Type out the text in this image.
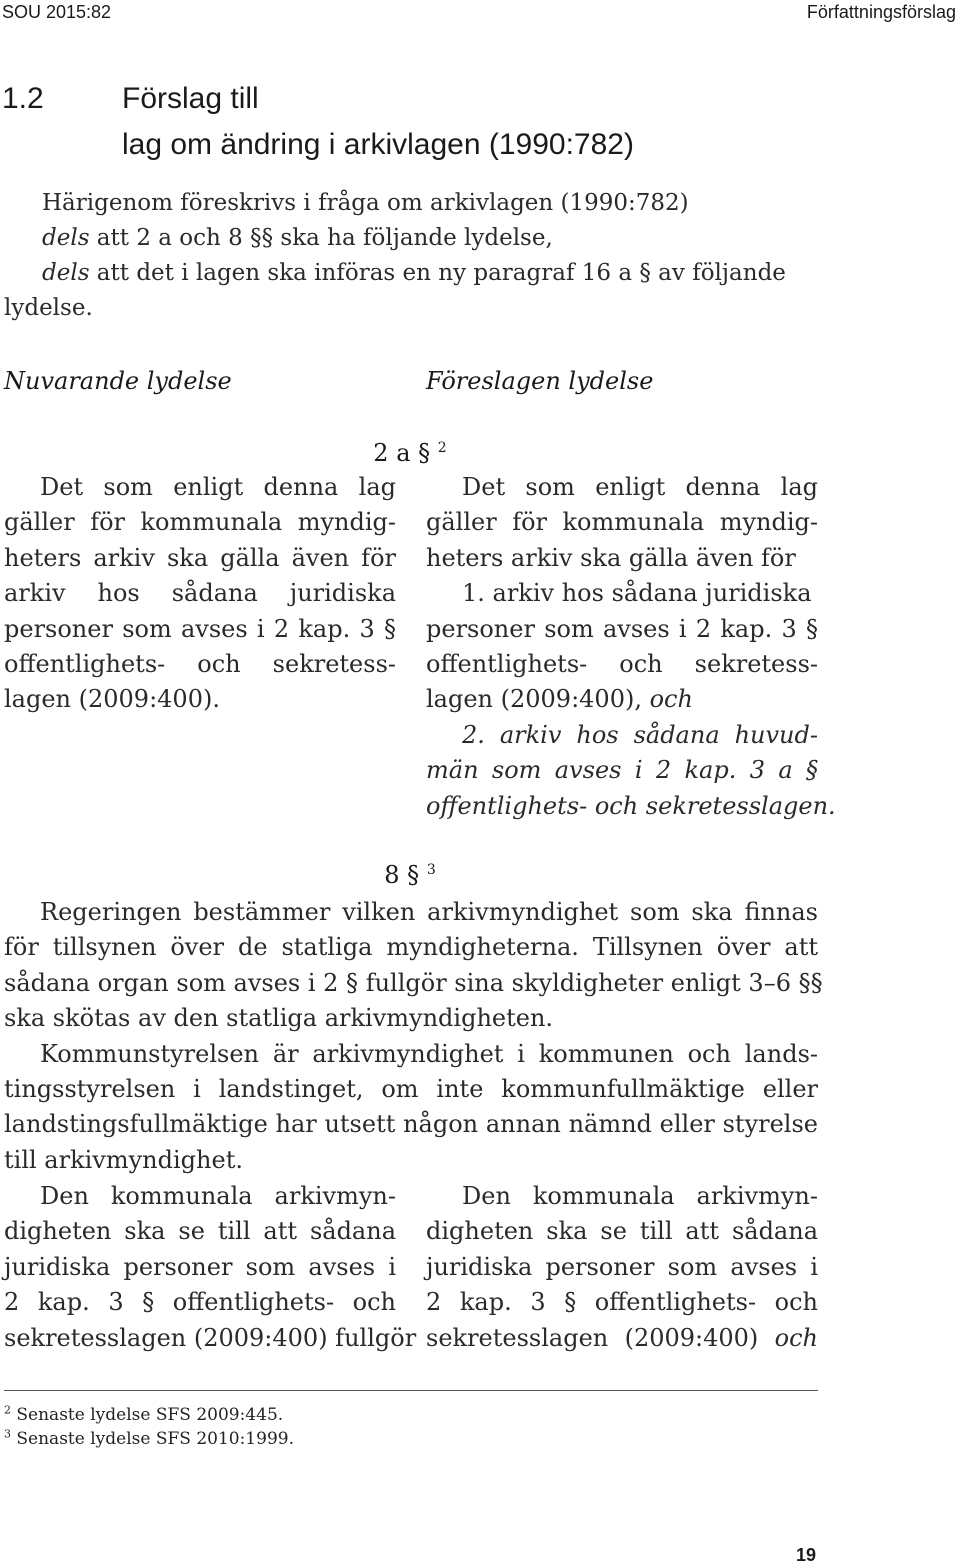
SOU 2015:82	Författningsförslag
1.2	Förslag till
lag om ändring i arkivlagen (1990:782)
Härigenom föreskrivs i fråga om arkivlagen (1990:782)
dels att 2 a och 8 §§ ska ha följande lydelse,
dels att det i lagen ska införas en ny paragraf 16 a § av följande
lydelse.
Nuvarande lydelse	Föreslagen lydelse
2 a § $^2$
Det som enligt denna lag
gäller för kommunala myndig-
heters arkiv ska gälla även för
arkiv hos sådana juridiska
personer som avses i 2 kap. 3 §
offentlighets- och sekretess-
lagen (2009:400).
Det som enligt denna lag
gäller för kommunala myndig-
heters arkiv ska gälla även för
1. arkiv hos sådana juridiska
personer som avses i 2 kap. 3 §
offentlighets- och sekretess-
lagen (2009:400), och
2. arkiv hos sådana huvud-
män som avses i 2 kap. 3 a §
offentlighets- och sekretesslagen.
8 § $^3$
Regeringen bestämmer vilken arkivmyndighet som ska finnas
för tillsynen över de statliga myndigheterna. Tillsynen över att
sådana organ som avses i 2 § fullgör sina skyldigheter enligt 3–6 §§
ska skötas av den statliga arkivmyndigheten.
Kommunstyrelsen är arkivmyndighet i kommunen och lands-
tingsstyrelsen i landstinget, om inte kommunfullmäktige eller
landstingsfullmäktige har utsett någon annan nämnd eller styrelse
till arkivmyndighet.
Den kommunala arkivmyn-
digheten ska se till att sådana
juridiska personer som avses i
2 kap. 3 § offentlighets- och
sekretesslagen (2009:400) fullgör
Den kommunala arkivmyn-
digheten ska se till att sådana
juridiska personer som avses i
2 kap. 3 § offentlighets- och
sekretesslagen (2009:400) och
$^2$ Senaste lydelse SFS 2009:445.
$^3$ Senaste lydelse SFS 2010:1999.
19
